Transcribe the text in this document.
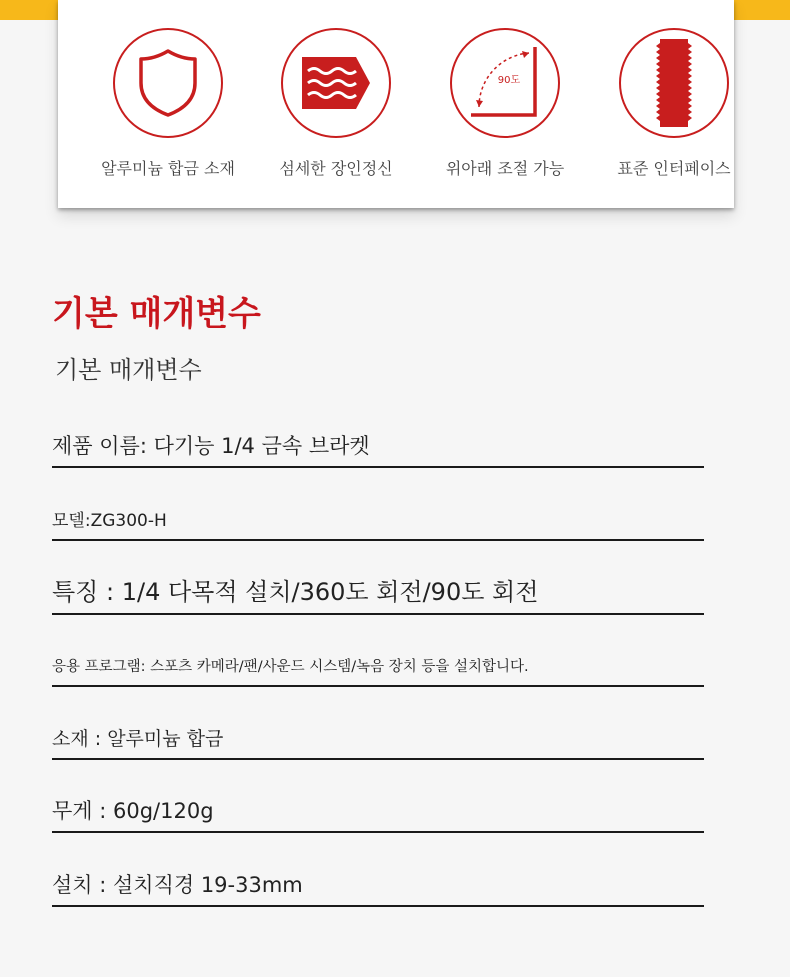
알루미늄 합금 소재	섬세한 장인정신
90도
위아래 조절 가능	표준 인터페이스
기본 매개변수
기본 매개변수
제품 이름: 다기능 1/4 금속 브라켓
모델:ZG300-H
특징 : 1/4 다목적 설치/360도 회전/90도 회전
응용 프로그램: 스포츠 카메라/팬/사운드 시스템/녹음 장치 등을 설치합니다.
소재 : 알루미늄 합금
무게 : 60g/120g
설치 : 설치직경 19-33mm
